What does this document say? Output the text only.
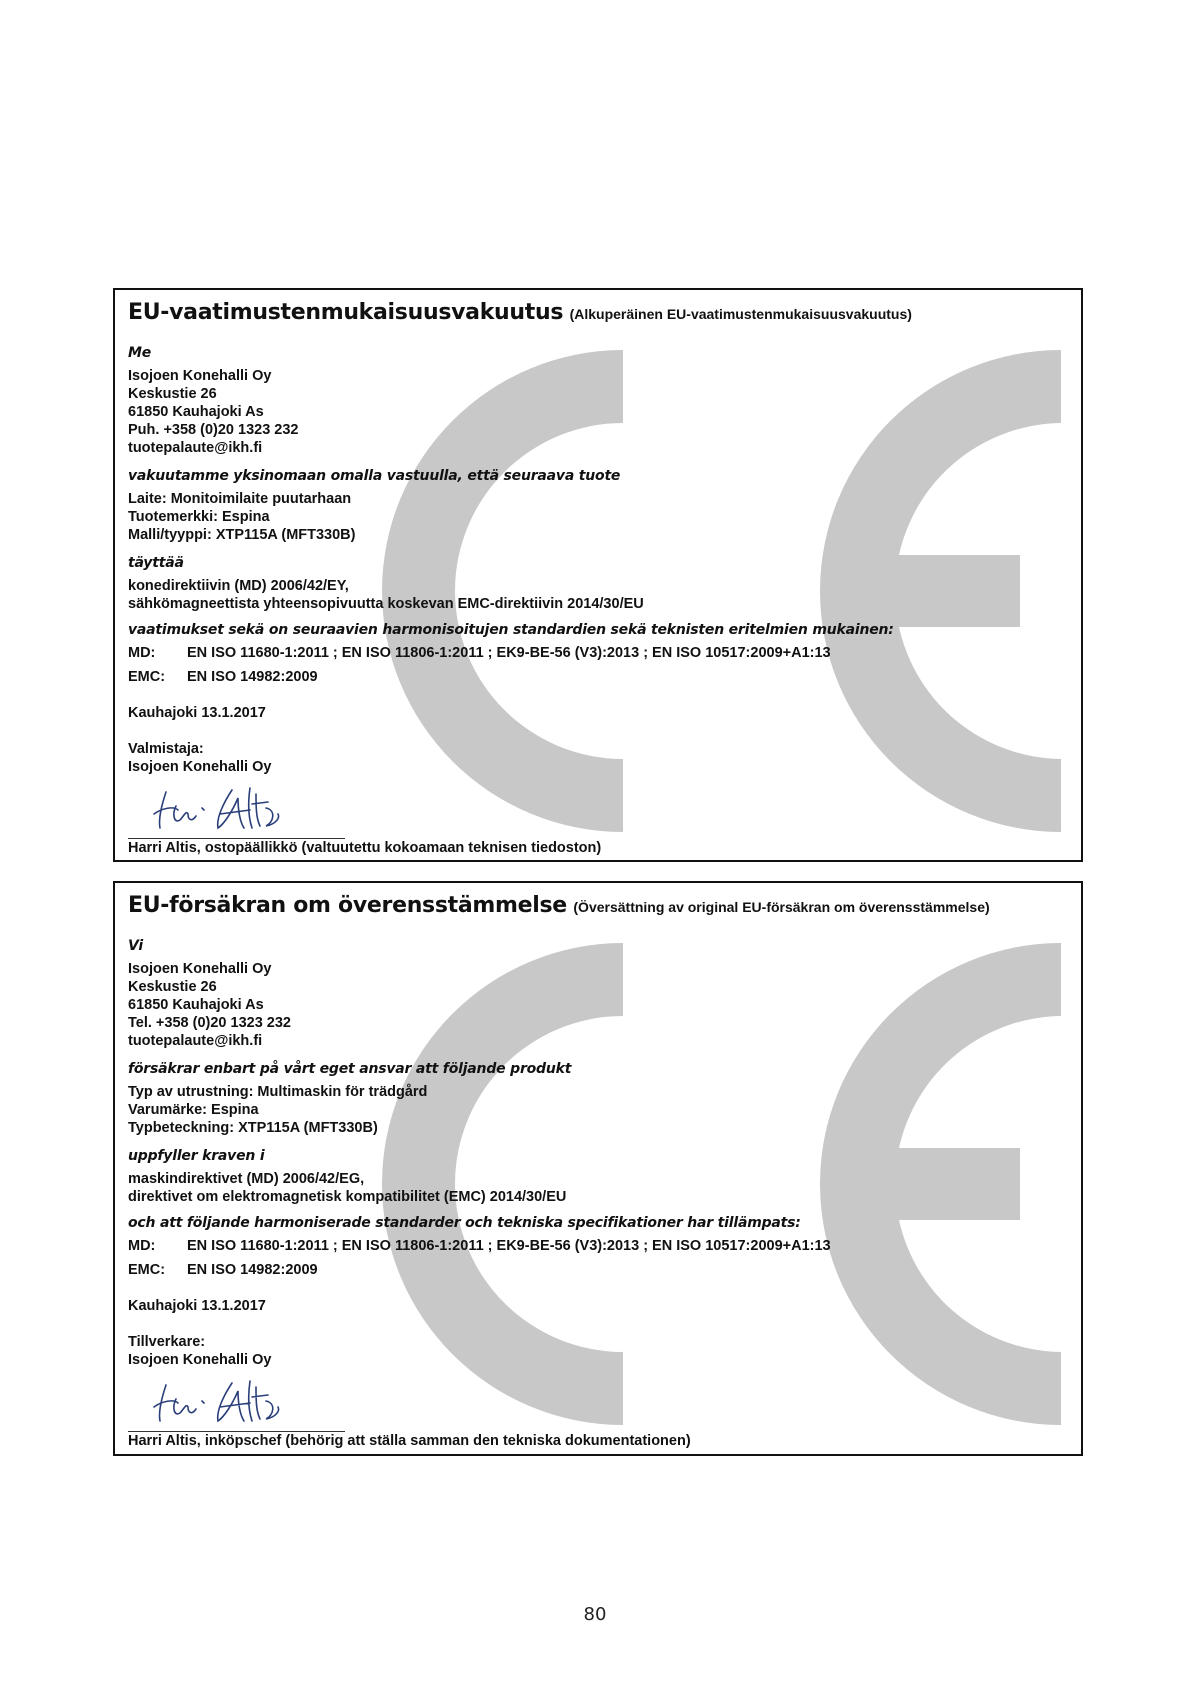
EU-vaatimustenmukaisuusvakuutus (Alkuperäinen EU-vaatimustenmukaisuusvakuutus)
Me
Isojoen Konehalli Oy
Keskustie 26
61850 Kauhajoki As
Puh. +358 (0)20 1323 232
tuotepalaute@ikh.fi
vakuutamme yksinomaan omalla vastuulla, että seuraava tuote
Laite: Monitoimilaite puutarhaan
Tuotemerkki: Espina
Malli/tyyppi: XTP115A (MFT330B)
täyttää
konedirektiivin (MD) 2006/42/EY,
sähkömagneettista yhteensopivuutta koskevan EMC-direktiivin 2014/30/EU
vaatimukset sekä on seuraavien harmonisoitujen standardien sekä teknisten eritelmien mukainen:
MD: EN ISO 11680-1:2011 ; EN ISO 11806-1:2011 ; EK9-BE-56 (V3):2013 ; EN ISO 10517:2009+A1:13
EMC: EN ISO 14982:2009
Kauhajoki 13.1.2017
Valmistaja:
Isojoen Konehalli Oy
Harri Altis, ostopäällikkö (valtuutettu kokoamaan teknisen tiedoston)
EU-försäkran om överensstämmelse (Översättning av original EU-försäkran om överensstämmelse)
Vi
Isojoen Konehalli Oy
Keskustie 26
61850 Kauhajoki As
Tel. +358 (0)20 1323 232
tuotepalaute@ikh.fi
försäkrar enbart på vårt eget ansvar att följande produkt
Typ av utrustning: Multimaskin för trädgård
Varumärke: Espina
Typbeteckning: XTP115A (MFT330B)
uppfyller kraven i
maskindirektivet (MD) 2006/42/EG,
direktivet om elektromagnetisk kompatibilitet (EMC) 2014/30/EU
och att följande harmoniserade standarder och tekniska specifikationer har tillämpats:
MD: EN ISO 11680-1:2011 ; EN ISO 11806-1:2011 ; EK9-BE-56 (V3):2013 ; EN ISO 10517:2009+A1:13
EMC: EN ISO 14982:2009
Kauhajoki 13.1.2017
Tillverkare:
Isojoen Konehalli Oy
Harri Altis, inköpschef (behörig att ställa samman den tekniska dokumentationen)
80
